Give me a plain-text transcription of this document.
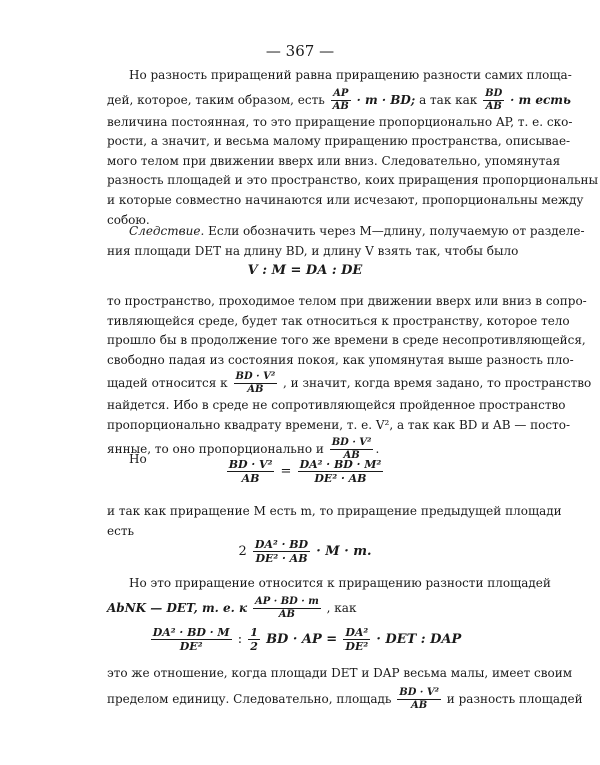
— 367 —
Но разность приращений равна приращению разности самих площа-
дей, которое, таким образом, есть $\frac{AP}{AB} \cdot m$ · BD; а так как $\frac{BD}{AB} \cdot m$ есть
величина постоянная, то это приращение пропорционально AP, т. е. ско-
рости, а значит, и весьма малому приращению пространства, описывае-
мого телом при движении вверх или вниз. Следовательно, упомянутая
разность площадей и это пространство, коих приращения пропорциональны
и которые совместно начинаются или исчезают, пропорциональны между
собою.
Следствие. Если обозначить через M—длину, получаемую от разделе-
ния площади DET на длину BD, и длину V взять так, чтобы было
V : M = DA : DE
то пространство, проходимое телом при движении вверх или вниз в сопро-
тивляющейся среде, будет так относиться к пространству, которое тело
прошло бы в продолжение того же времени в среде несопротивляющейся,
свободно падая из состояния покоя, как упомянутая выше разность пло-
щадей относится к $\frac{\text{BD · V²}}{AB}$ , и значит, когда время задано, то пространство
найдется. Ибо в среде не сопротивляющейся пройденное пространство
пропорционально квадрату времени, т. е. V², а так как BD и AB — посто-
янные, то оно пропорционально и $\frac{\text{BD · V²}}{AB}$ .
Но	$\frac{\text{BD · V²}}{AB} = \frac{\text{DA² · BD · M²}}{\text{DE² · AB}}$
и так как приращение M есть m, то приращение предыдущей площади
есть
$2 \frac{\text{DA² · BD}}{\text{DE² · AB}} \cdot M \cdot m$.
Но это приращение относится к приращению разности площадей
AbNK — DET, т. е. к $\frac{AP \cdot BD \cdot m}{AB}$ , как
$\frac{\text{DA² · BD · M}}{\text{DE²}}$ : $\frac{1}{2}$ BD · AP = $\frac{\text{DA²}}{\text{DE²}}$ · DET : DAP
это же отношение, когда площади DET и DAP весьма малы, имеет своим
пределом единицу. Следовательно, площадь $\frac{\text{BD · V²}}{AB}$ и разность площадей
